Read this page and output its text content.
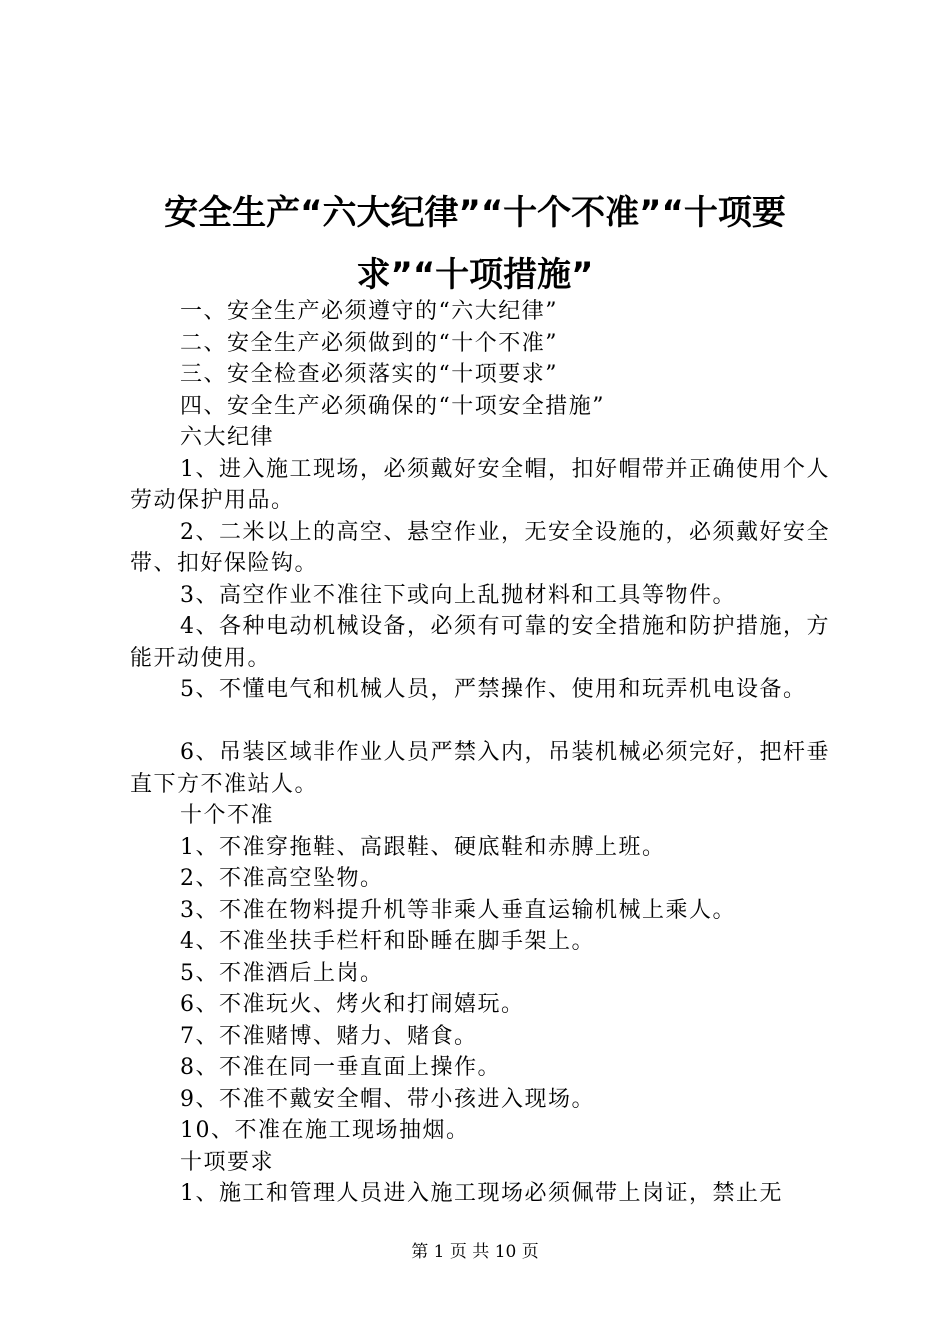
安全生产“六大纪律”“十个不准”“十项要求”“十项措施”

一、安全生产必须遵守的“六大纪律”

二、安全生产必须做到的“十个不准”

三、安全检查必须落实的“十项要求”

四、安全生产必须确保的“十项安全措施”

六大纪律

1、进入施工现场，必须戴好安全帽，扣好帽带并正确使用个人劳动保护用品。

2、二米以上的高空、悬空作业，无安全设施的，必须戴好安全带、扣好保险钩。

3、高空作业不准往下或向上乱抛材料和工具等物件。

4、各种电动机械设备，必须有可靠的安全措施和防护措施，方能开动使用。

5、不懂电气和机械人员，严禁操作、使用和玩弄机电设备。

6、吊装区域非作业人员严禁入内，吊装机械必须完好，把杆垂直下方不准站人。

十个不准

1、不准穿拖鞋、高跟鞋、硬底鞋和赤膊上班。

2、不准高空坠物。

3、不准在物料提升机等非乘人垂直运输机械上乘人。

4、不准坐扶手栏杆和卧睡在脚手架上。

5、不准酒后上岗。

6、不准玩火、烤火和打闹嬉玩。

7、不准赌博、赌力、赌食。

8、不准在同一垂直面上操作。

9、不准不戴安全帽、带小孩进入现场。

10、不准在施工现场抽烟。

十项要求

1、施工和管理人员进入施工现场必须佩带上岗证，禁止无

第 1 页 共 10 页
